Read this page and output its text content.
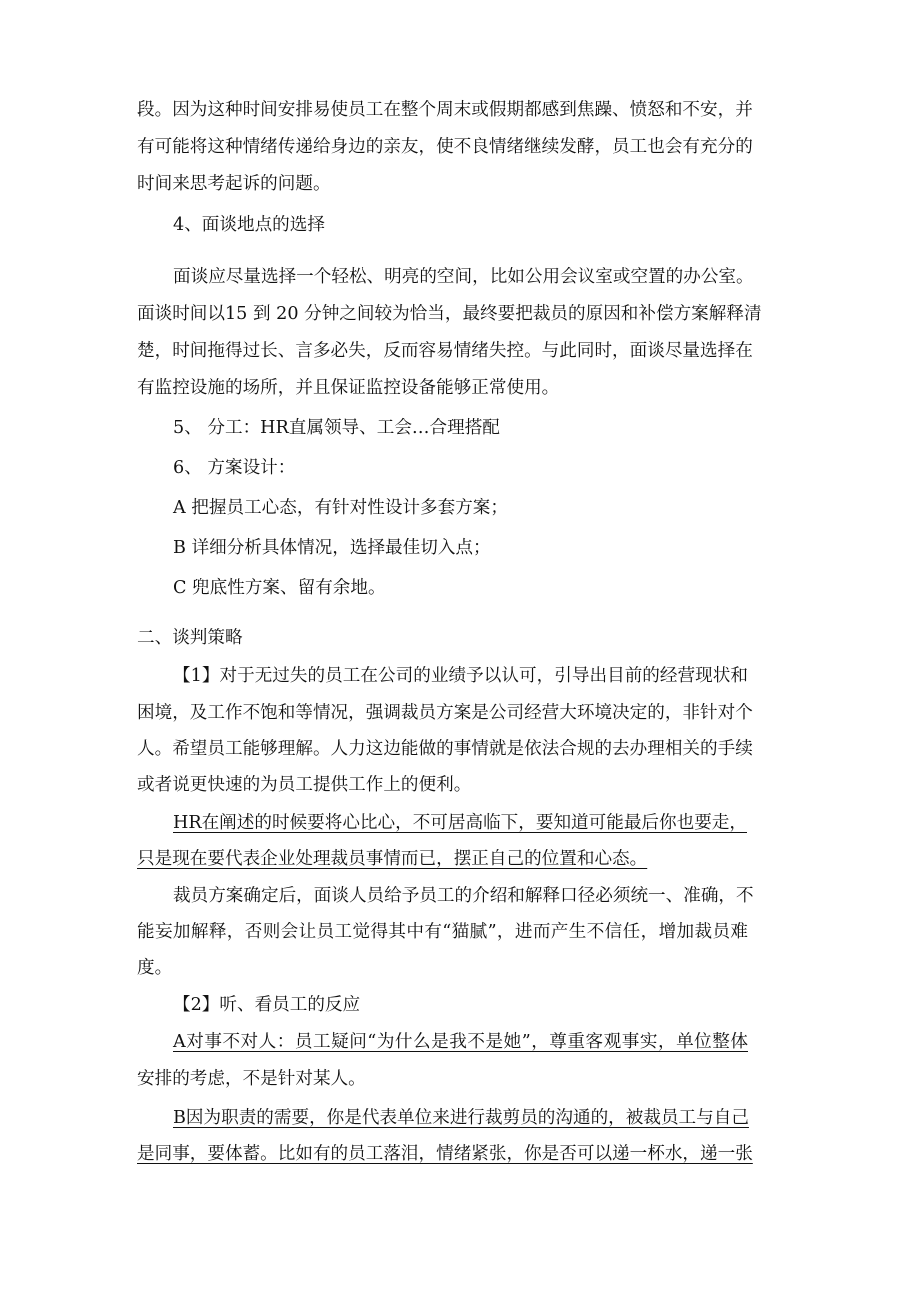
段。因为这种时间安排易使员工在整个周末或假期都感到焦躁、愤怒和不安，并

有可能将这种情绪传递给身边的亲友，使不良情绪继续发酵，员工也会有充分的

时间来思考起诉的问题。

4、面谈地点的选择

面谈应尽量选择一个轻松、明亮的空间，比如公用会议室或空置的办公室。

面谈时间以15 到 20 分钟之间较为恰当，最终要把裁员的原因和补偿方案解释清

楚，时间拖得过长、言多必失，反而容易情绪失控。与此同时，面谈尽量选择在

有监控设施的场所，并且保证监控设备能够正常使用。

5、 分工：HR直属领导、工会…合理搭配

6、 方案设计：

A 把握员工心态，有针对性设计多套方案；

B 详细分析具体情况，选择最佳切入点；

C 兜底性方案、留有余地。

二、谈判策略

【1】对于无过失的员工在公司的业绩予以认可，引导出目前的经营现状和

困境，及工作不饱和等情况，强调裁员方案是公司经营大环境决定的，非针对个

人。希望员工能够理解。人力这边能做的事情就是依法合规的去办理相关的手续

或者说更快速的为员工提供工作上的便利。

HR在阐述的时候要将心比心，不可居高临下，要知道可能最后你也要走，

只是现在要代表企业处理裁员事情而已，摆正自己的位置和心态。

裁员方案确定后，面谈人员给予员工的介绍和解释口径必须统一、准确，不

能妄加解释，否则会让员工觉得其中有“猫腻”，进而产生不信任，增加裁员难

度。

【2】听、看员工的反应

A对事不对人：员工疑问“为什么是我不是她”，尊重客观事实，单位整体

安排的考虑，不是针对某人。

B因为职责的需要，你是代表单位来进行裁剪员的沟通的，被裁员工与自己

是同事，要体蓄。比如有的员工落泪，情绪紧张，你是否可以递一杯水，递一张
